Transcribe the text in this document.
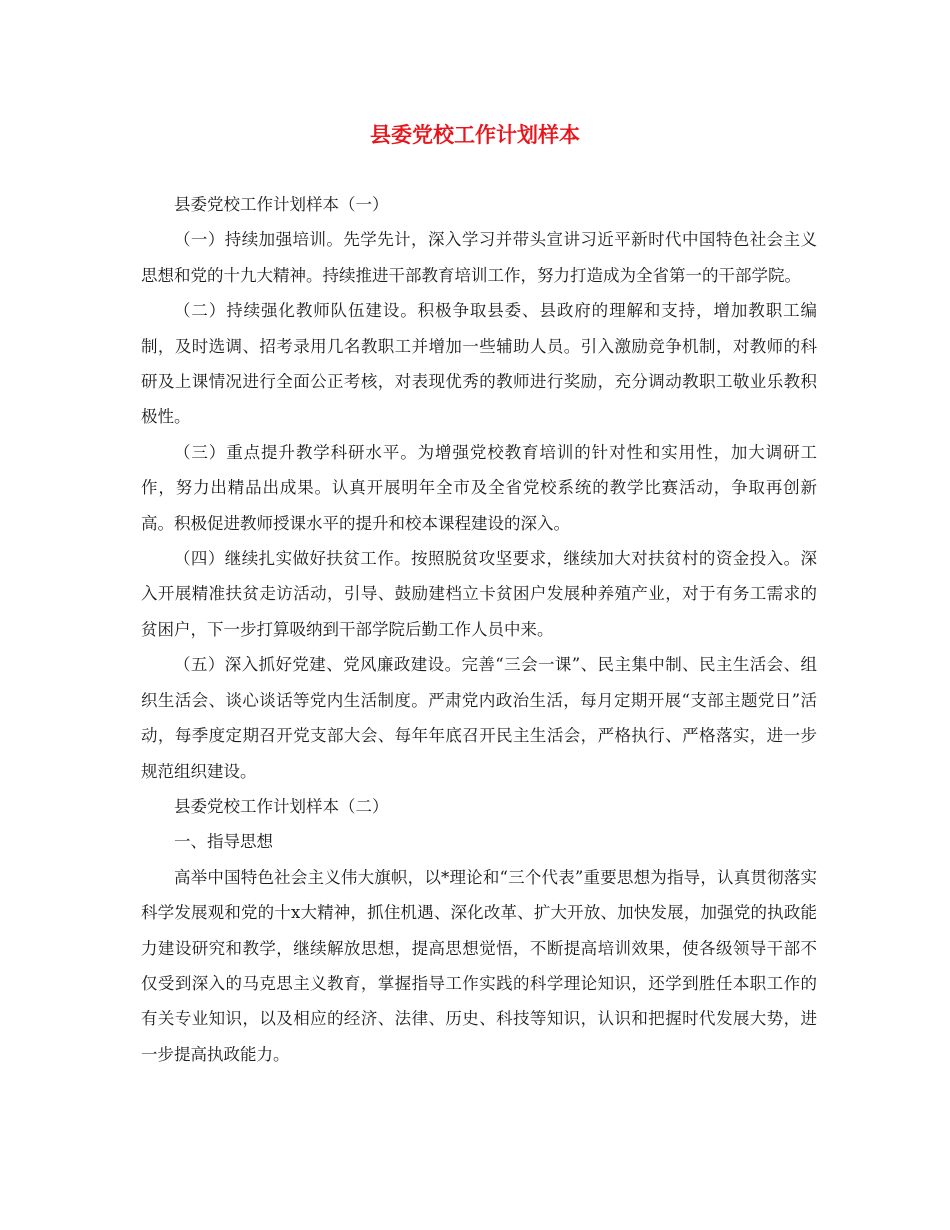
县委党校工作计划样本

县委党校工作计划样本（一）

（一）持续加强培训。先学先计，深入学习并带头宣讲习近平新时代中国特色社会主义思想和党的十九大精神。持续推进干部教育培训工作，努力打造成为全省第一的干部学院。

（二）持续强化教师队伍建设。积极争取县委、县政府的理解和支持，增加教职工编制，及时选调、招考录用几名教职工并增加一些辅助人员。引入激励竞争机制，对教师的科研及上课情况进行全面公正考核，对表现优秀的教师进行奖励，充分调动教职工敬业乐教积极性。

（三）重点提升教学科研水平。为增强党校教育培训的针对性和实用性，加大调研工作，努力出精品出成果。认真开展明年全市及全省党校系统的教学比赛活动，争取再创新高。积极促进教师授课水平的提升和校本课程建设的深入。

（四）继续扎实做好扶贫工作。按照脱贫攻坚要求，继续加大对扶贫村的资金投入。深入开展精准扶贫走访活动，引导、鼓励建档立卡贫困户发展种养殖产业，对于有务工需求的贫困户，下一步打算吸纳到干部学院后勤工作人员中来。

（五）深入抓好党建、党风廉政建设。完善“三会一课”、民主集中制、民主生活会、组织生活会、谈心谈话等党内生活制度。严肃党内政治生活，每月定期开展“支部主题党日”活动，每季度定期召开党支部大会、每年年底召开民主生活会，严格执行、严格落实，进一步规范组织建设。

县委党校工作计划样本（二）

一、指导思想

高举中国特色社会主义伟大旗帜，以*理论和“三个代表”重要思想为指导，认真贯彻落实科学发展观和党的十x大精神，抓住机遇、深化改革、扩大开放、加快发展，加强党的执政能力建设研究和教学，继续解放思想，提高思想觉悟，不断提高培训效果，使各级领导干部不仅受到深入的马克思主义教育，掌握指导工作实践的科学理论知识，还学到胜任本职工作的有关专业知识，以及相应的经济、法律、历史、科技等知识，认识和把握时代发展大势，进一步提高执政能力。
